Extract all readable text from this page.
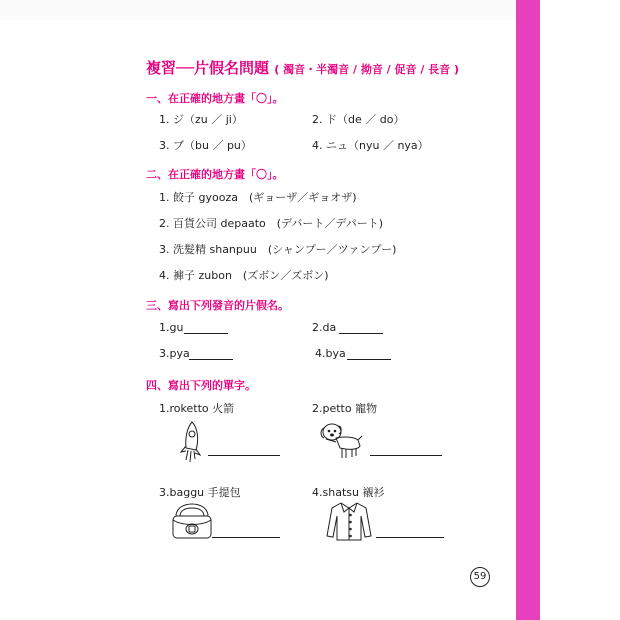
複習──片假名問題 ( 濁音・半濁音 / 拗音 / 促音 / 長音 )
一、在正確的地方畫「〇」。
1. ジ（zu ／ ji）	2. ド（de ／ do）
3. ブ（bu ／ pu）	4. ニュ（nyu ／ nya）
二、在正確的地方畫「〇」。
1. 餃子 gyooza　(ギョーザ／ギョオザ)
2. 百貨公司 depaato　(デバート／デパート)
3. 洗髮精 shanpuu　(シャンプー／ツァンプー)
4. 褲子 zubon　(ズボン／ズボン)
三、寫出下列發音的片假名。
1.gu	2.da
3.pya	4.bya
四、寫出下列的單字。
1.roketto 火箭	2.petto 寵物
3.baggu 手提包	4.shatsu 襯衫
59
